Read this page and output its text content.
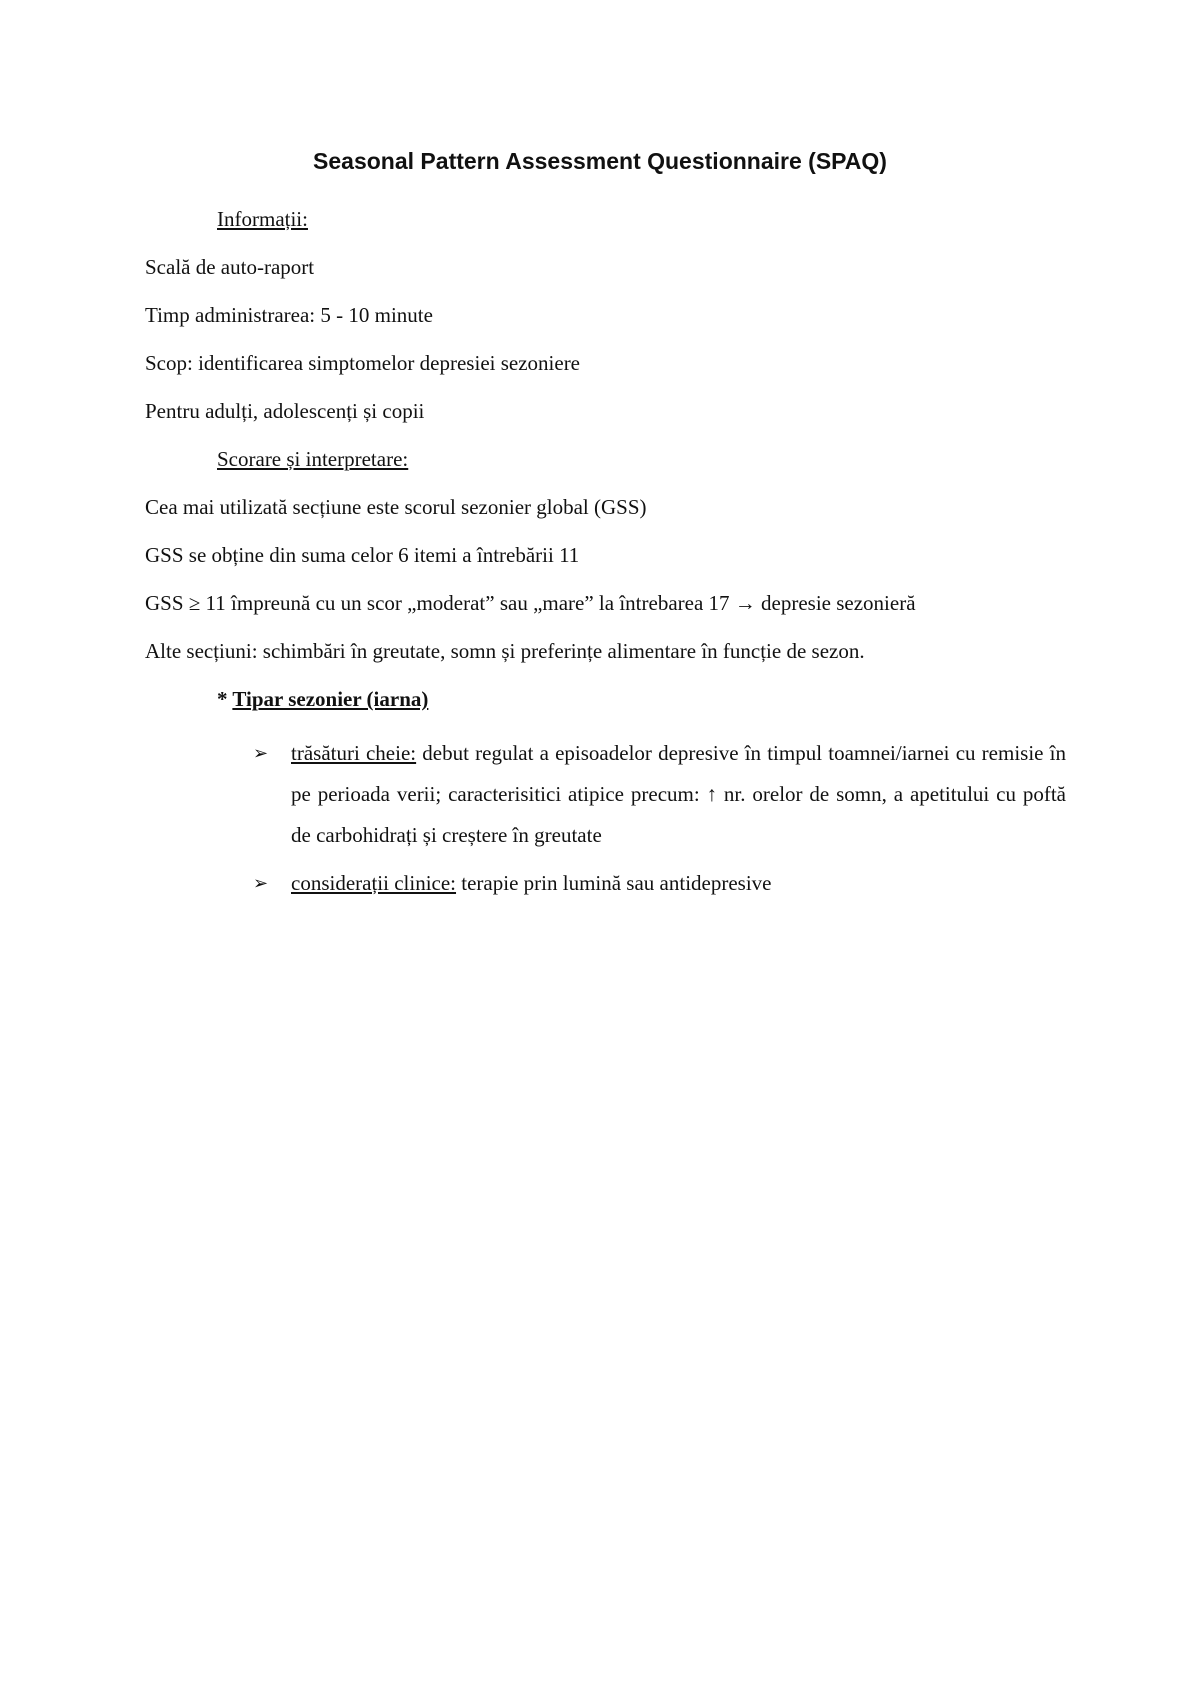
Seasonal Pattern Assessment Questionnaire (SPAQ)
Informații:
Scală de auto-raport
Timp administrarea: 5 - 10 minute
Scop: identificarea simptomelor depresiei sezoniere
Pentru adulți, adolescenți și copii
Scorare și interpretare:
Cea mai utilizată secțiune este scorul sezonier global (GSS)
GSS se obține din suma celor 6 itemi a întrebării 11
GSS ≥ 11 împreună cu un scor „moderat” sau „mare” la întrebarea 17 → depresie sezonieră
Alte secțiuni: schimbări în greutate, somn și preferințe alimentare în funcție de sezon.
* Tipar sezonier (iarna)
➢ trăsături cheie: debut regulat a episoadelor depresive în timpul toamnei/iarnei cu remisie în pe perioada verii; caracterisitici atipice precum: ↑ nr. orelor de somn, a apetitului cu poftă de carbohidrați și creștere în greutate
➢ considerații clinice: terapie prin lumină sau antidepresive
